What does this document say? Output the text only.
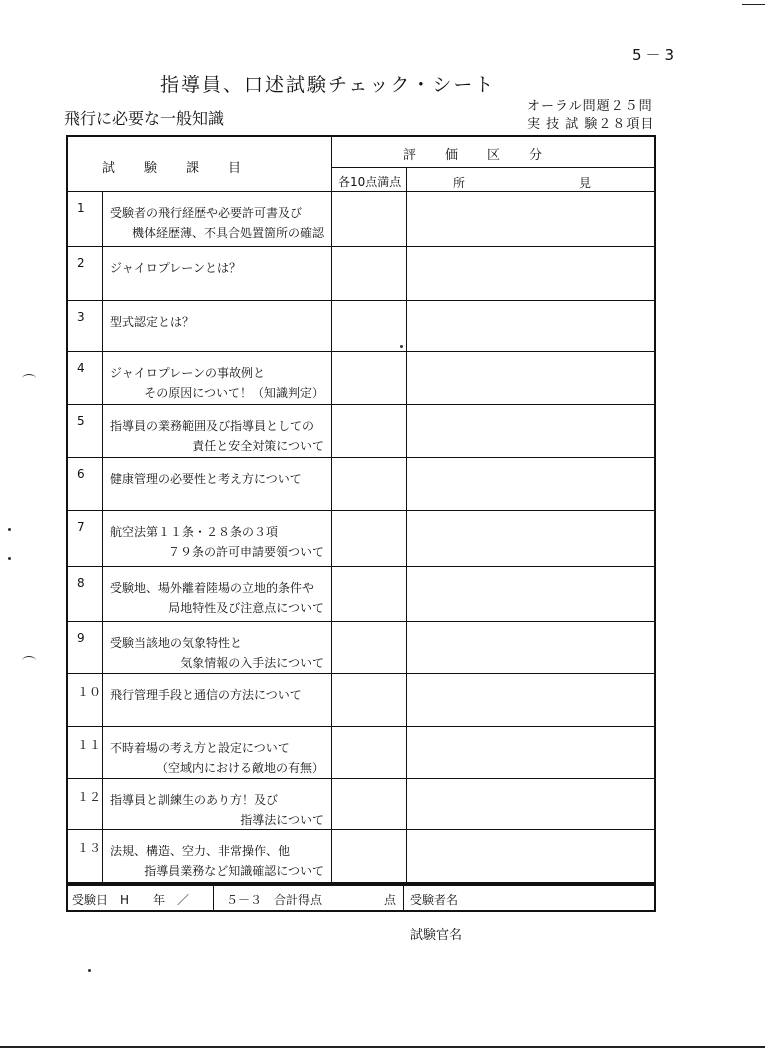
5－3
指導員、口述試験チェック・シート
飛行に必要な一般知識
オーラル問題２５問
実 技 試 験２８項目
試　験　課　目
評　価　区　分
各10点満点	所　　　　　　　　見
1 受験者の飛行経歴や必要許可書及び
機体経歴薄、不具合処置箇所の確認
2 ジャイロプレーンとは？
3 型式認定とは？
4 ジャイロプレーンの事故例と
その原因について！（知識判定）
5 指導員の業務範囲及び指導員としての
責任と安全対策について
6 健康管理の必要性と考え方について
7 航空法第１１条・２８条の３項
７９条の許可申請要領ついて
8 受験地、場外離着陸場の立地的条件や
局地特性及び注意点について
9 受験当該地の気象特性と
気象情報の入手法について
１０ 飛行管理手段と通信の方法について
１１ 不時着場の考え方と設定について
（空域内における敵地の有無）
１２ 指導員と訓練生のあり方！及び
指導法について
１３ 法規、構造、空力、非常操作、他
指導員業務など知識確認について
受験日　H　　年　／	５－３　合計得点	点 受験者名
試験官名
